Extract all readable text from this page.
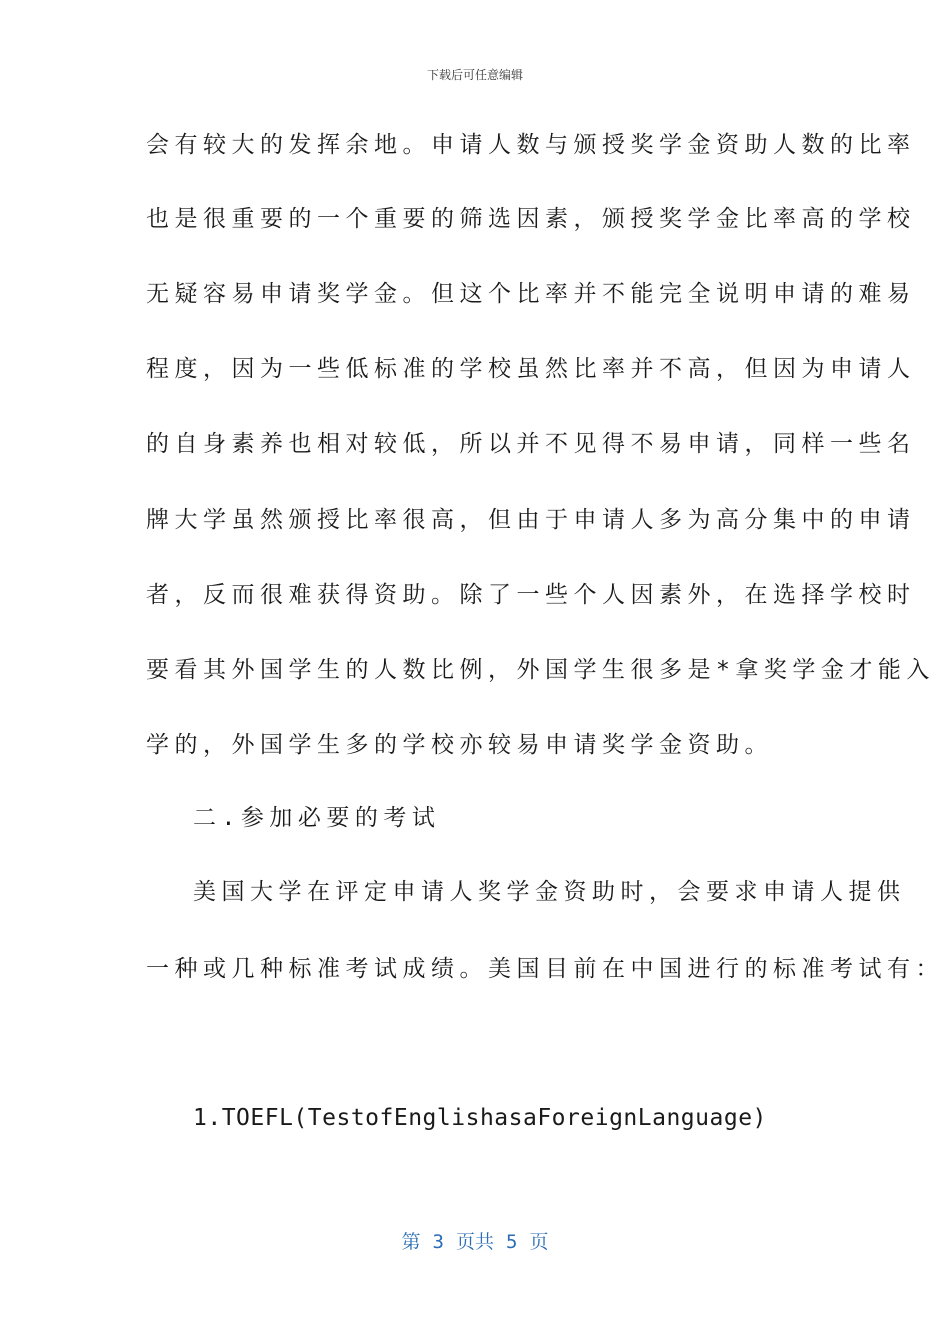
下载后可任意编辑
会有较大的发挥余地。申请人数与颁授奖学金资助人数的比率
也是很重要的一个重要的筛选因素，颁授奖学金比率高的学校
无疑容易申请奖学金。但这个比率并不能完全说明申请的难易
程度，因为一些低标准的学校虽然比率并不高，但因为申请人
的自身素养也相对较低，所以并不见得不易申请，同样一些名
牌大学虽然颁授比率很高，但由于申请人多为高分集中的申请
者，反而很难获得资助。除了一些个人因素外，在选择学校时
要看其外国学生的人数比例，外国学生很多是*拿奖学金才能入
学的，外国学生多的学校亦较易申请奖学金资助。
二.参加必要的考试
美国大学在评定申请人奖学金资助时，会要求申请人提供
一种或几种标准考试成绩。美国目前在中国进行的标准考试有：
1.TOEFL(TestofEnglishasaForeignLanguage)
第 3 页共 5 页
